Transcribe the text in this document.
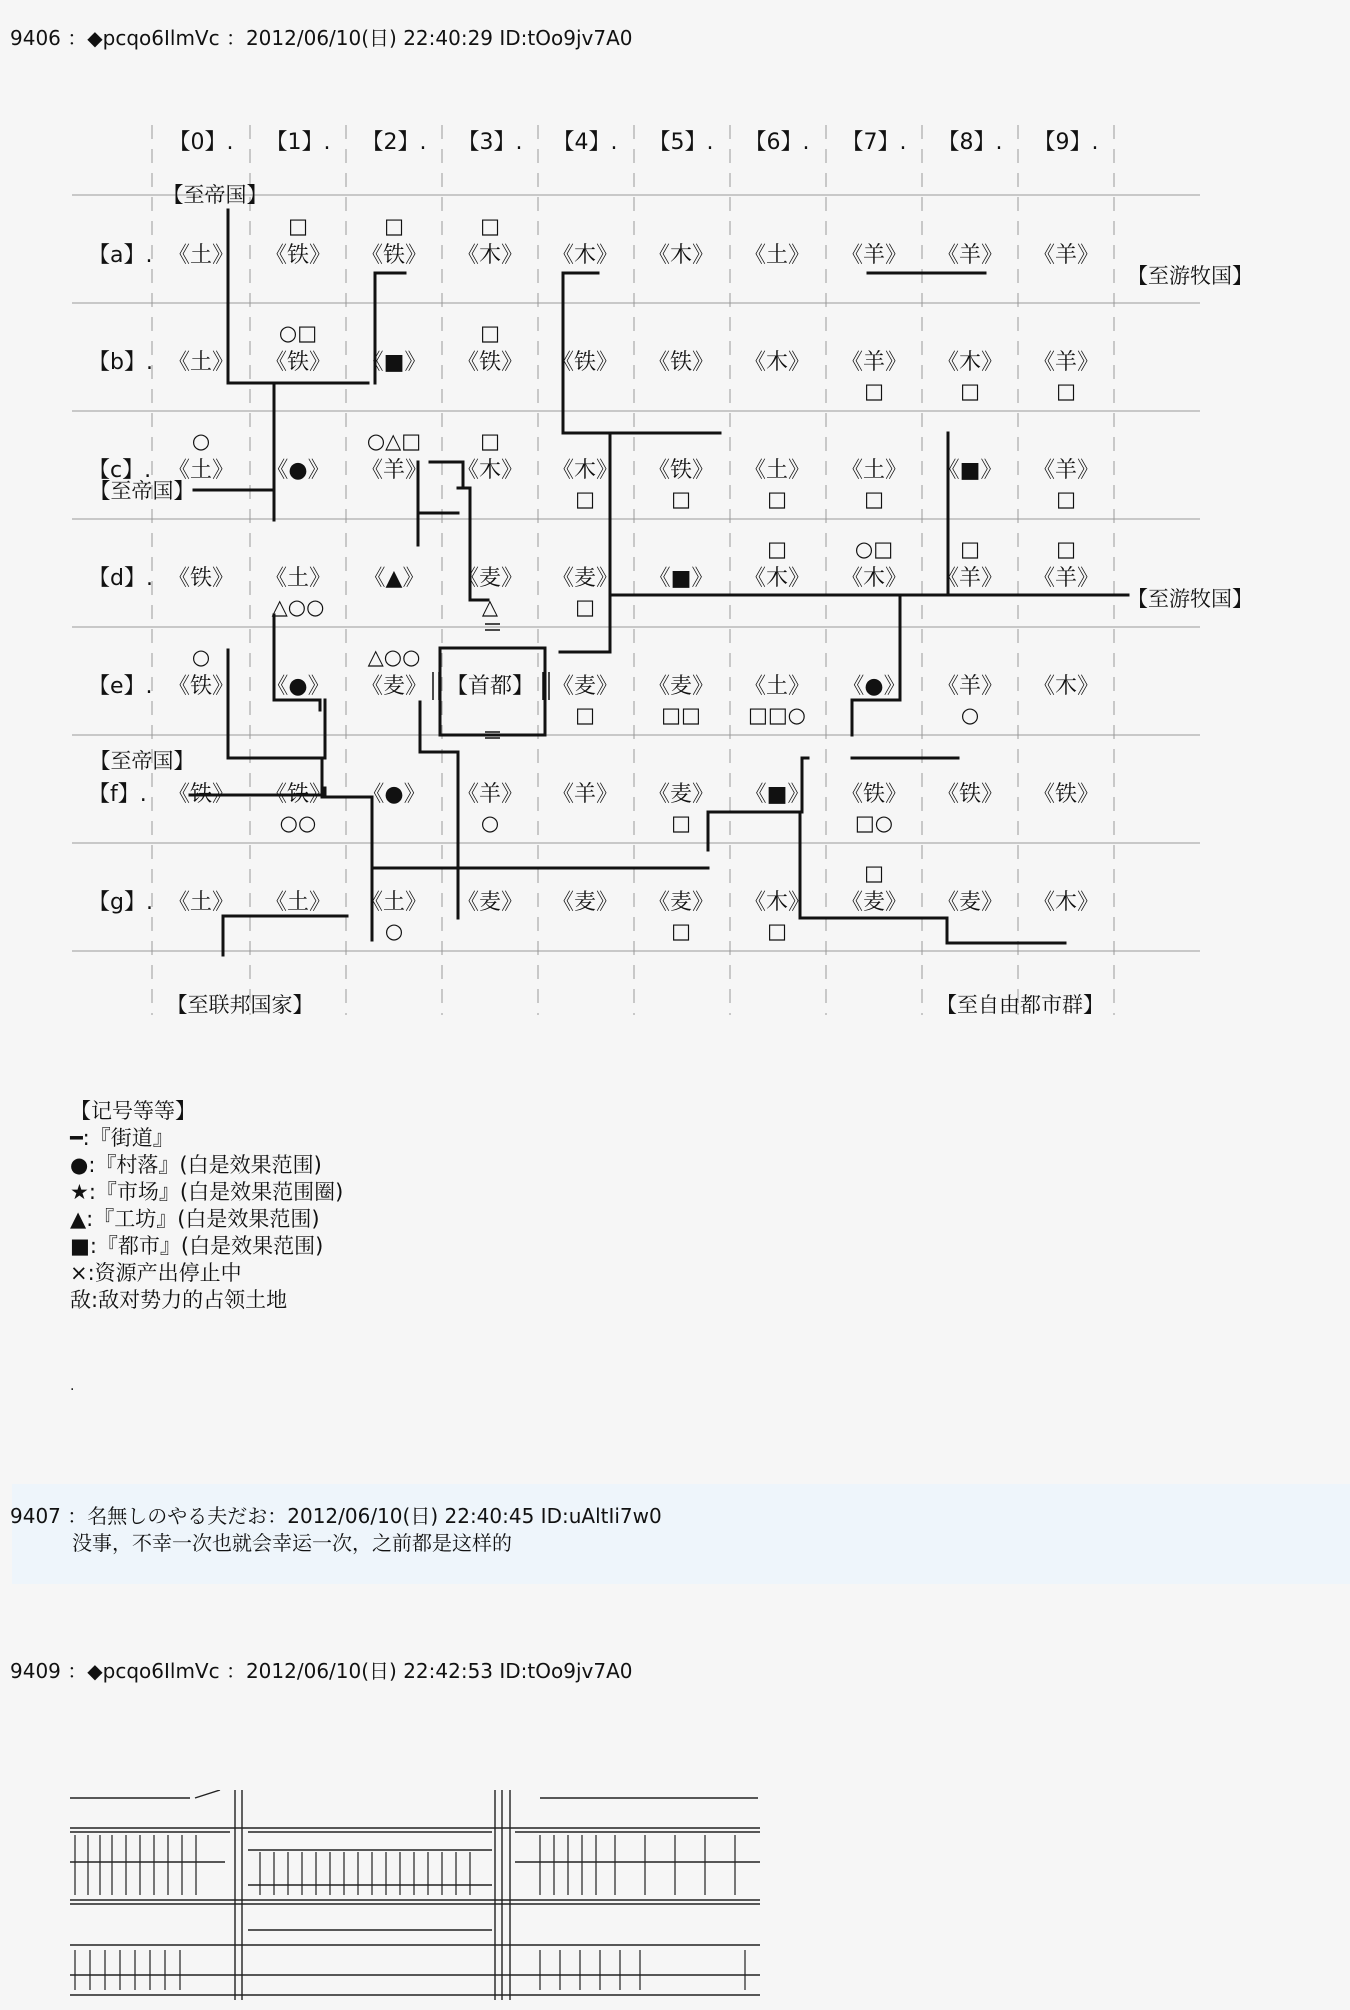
9406 ：◆pcqo6IlmVc ：2012/06/10(日) 22:40:29 ID:tOo9jv7A0
【0】. 【1】. 【2】. 【3】. 【4】. 【5】. 【6】. 【7】. 【8】. 【9】.
【a】.
【b】.
【c】.
【d】.
【e】.
【f】.
【g】.
《土》 《铁》
□
《铁》
□
《木》
□
《木》 《木》 《土》 《羊》 《羊》 《羊》
《土》 《铁》
○□
《■》 《铁》
□
《铁》 《铁》 《木》 《羊》
□
《木》
□
《羊》
□
《土》
○
《●》 《羊》
○△□
《木》
□
《木》
□
《铁》
□
《土》
□
《土》
□
《■》 《羊》
□
《铁》 《土》
△○○
《▲》 《麦》
△
《麦》
□
《■》 《木》
□
《木》
○□
《羊》
□
《羊》
□
《铁》
○
《●》 《麦》
△○○
【首都】 《麦》
□
《麦》
□□
《土》
□□○
《●》 《羊》
○
《木》
《铁》 《铁》
○○
《●》 《羊》
○
《羊》 《麦》
□
《■》 《铁》
□○
《铁》 《铁》
《土》 《土》 《土》
○
《麦》 《麦》 《麦》
□
《木》
□
《麦》
□
《麦》 《木》
【至帝国】
【至游牧国】
【至帝国】
【至游牧国】
【至帝国】
【至联邦国家】	【至自由都市群】
【记号等等】
━:『街道』
●:『村落』(白是效果范围)
★:『市场』(白是效果范围圈)
▲:『工坊』(白是效果范围)
■:『都市』(白是效果范围)
×:资源产出停止中
敌:敌对势力的占领土地
.
9407 ：名無しのやる夫だお：2012/06/10(日) 22:40:45 ID:uAltIi7w0
没事，不幸一次也就会幸运一次，之前都是这样的
9409 ：◆pcqo6IlmVc ：2012/06/10(日) 22:42:53 ID:tOo9jv7A0
